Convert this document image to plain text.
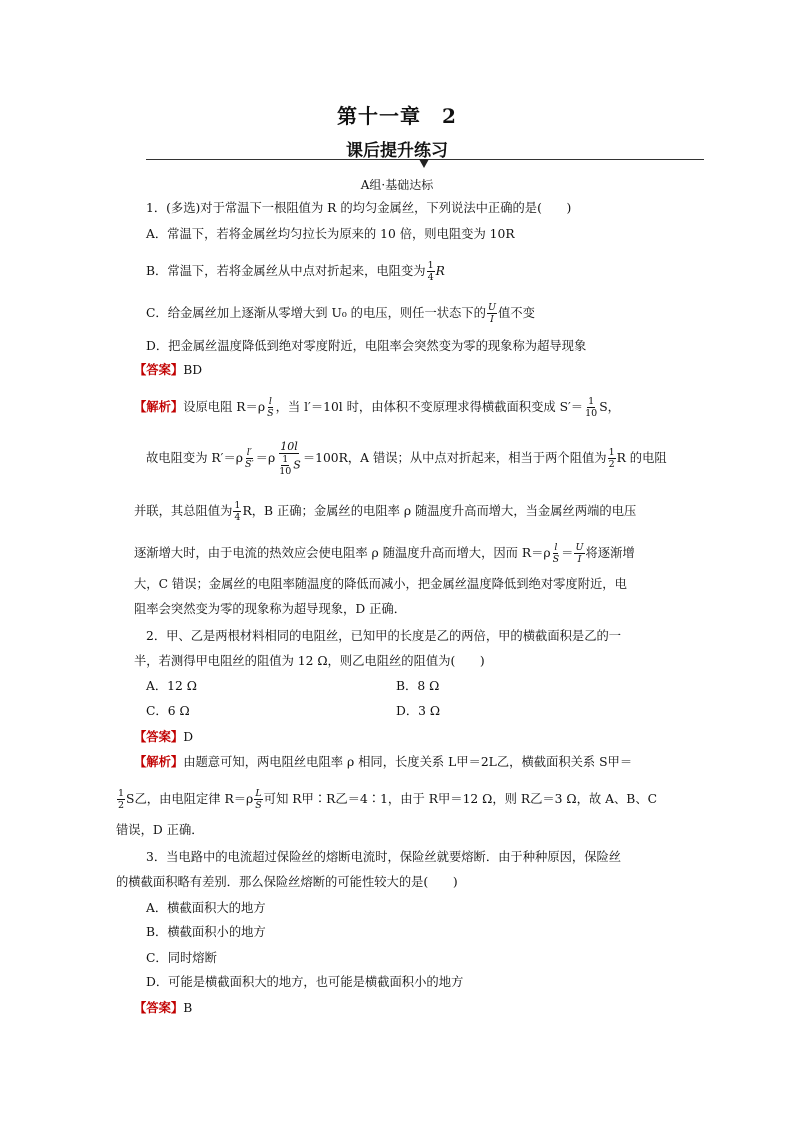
第十一章　2
课后提升练习
A组·基础达标
1．(多选)对于常温下一根阻值为 R 的均匀金属丝，下列说法中正确的是(　　)
A．常温下，若将金属丝均匀拉长为原来的 10 倍，则电阻变为 10R
B．常温下，若将金属丝从中点对折起来，电阻变为 $\frac{1}{4}$ R
C．给金属丝加上逐渐从零增大到 U₀ 的电压，则任一状态下的 $\frac{U}{I}$ 值不变
D．把金属丝温度降低到绝对零度附近，电阻率会突然变为零的现象称为超导现象
【答案】BD
【解析】设原电阻 $R=\rho \frac{l}{S}$ ，当 l′＝10l 时，由体积不变原理求得横截面积变成 $S'= \frac{1}{10}$ S，
故电阻变为 $R'=\rho \frac{l'}{S'} =\rho \frac{10l}{\frac{1}{10} S} =100R$，A 错误；从中点对折起来，相当于两个阻值为 $\frac{1}{2}$ R 的电阻
并联，其总阻值为 $\frac{1}{4}$ R，B 正确；金属丝的电阻率 ρ 随温度升高而增大，当金属丝两端的电压
逐渐增大时，由于电流的热效应会使电阻率 ρ 随温度升高而增大，因而 $R=\rho \frac{l}{S} = \frac{U}{I}$ 将逐渐增
大，C 错误；金属丝的电阻率随温度的降低而减小，把金属丝温度降低到绝对零度附近，电
阻率会突然变为零的现象称为超导现象，D 正确．
2．甲、乙是两根材料相同的电阻丝，已知甲的长度是乙的两倍，甲的横截面积是乙的一
半，若测得甲电阻丝的阻值为 12 Ω，则乙电阻丝的阻值为(　　)
A．12 Ω	B．8 Ω
C．6 Ω	D．3 Ω
【答案】D
【解析】由题意可知，两电阻丝电阻率 ρ 相同，长度关系 L甲＝2L乙，横截面积关系 S甲＝
$\frac{1}{2}$ S乙，由电阻定律 $R=\rho \frac{L}{S}$ 可知 R甲∶R乙＝4∶1，由于 R甲＝12 Ω，则 R乙＝3 Ω，故 A、B、C
错误，D 正确．
3．当电路中的电流超过保险丝的熔断电流时，保险丝就要熔断．由于种种原因，保险丝
的横截面积略有差别．那么保险丝熔断的可能性较大的是(　　)
A．横截面积大的地方
B．横截面积小的地方
C．同时熔断
D．可能是横截面积大的地方，也可能是横截面积小的地方
【答案】B
